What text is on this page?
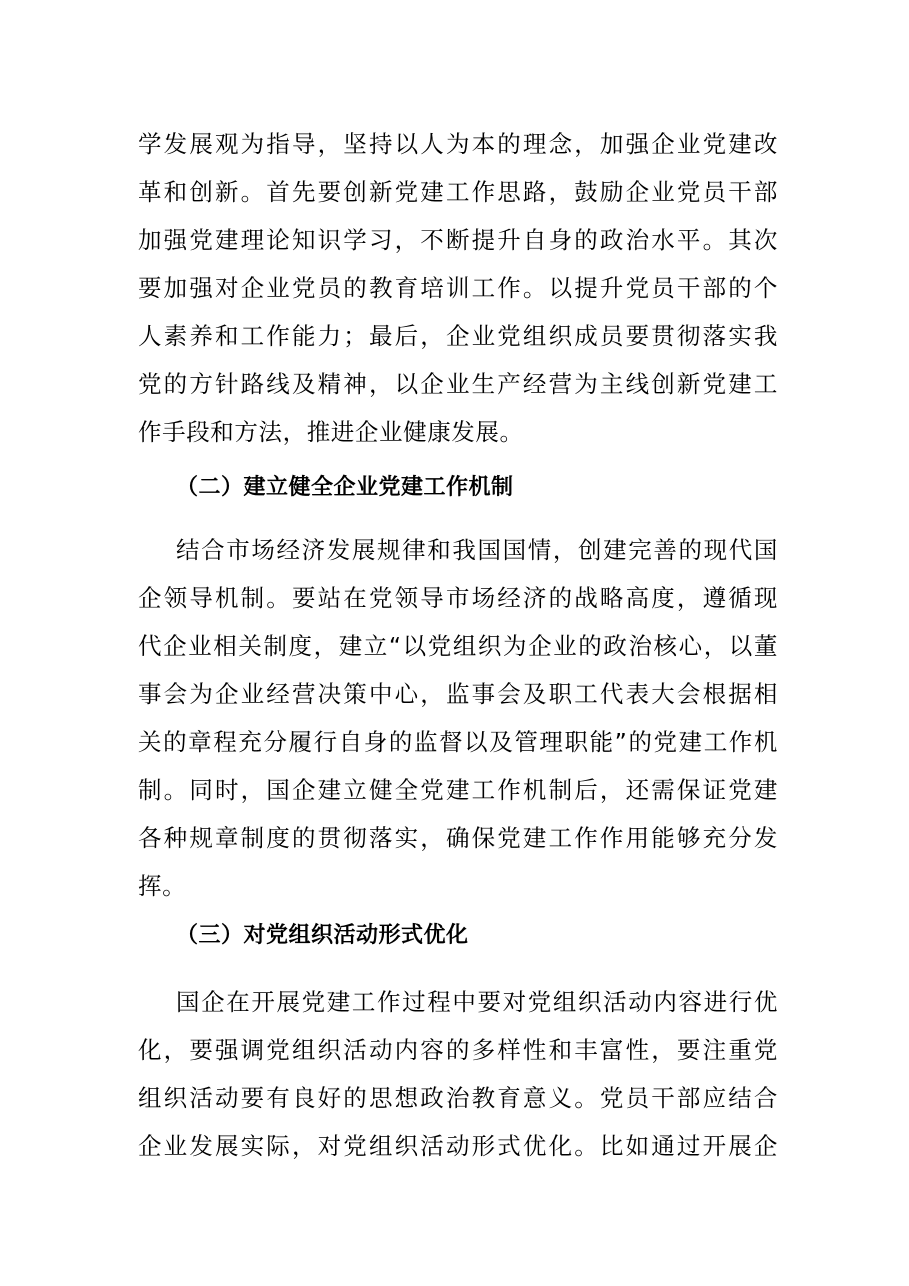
学发展观为指导，坚持以人为本的理念，加强企业党建改
革和创新。首先要创新党建工作思路，鼓励企业党员干部
加强党建理论知识学习，不断提升自身的政治水平。其次
要加强对企业党员的教育培训工作。以提升党员干部的个
人素养和工作能力；最后，企业党组织成员要贯彻落实我
党的方针路线及精神，以企业生产经营为主线创新党建工
作手段和方法，推进企业健康发展。
（二）建立健全企业党建工作机制
结合市场经济发展规律和我国国情，创建完善的现代国
企领导机制。要站在党领导市场经济的战略高度，遵循现
代企业相关制度，建立“以党组织为企业的政治核心，以董
事会为企业经营决策中心，监事会及职工代表大会根据相
关的章程充分履行自身的监督以及管理职能”的党建工作机
制。同时，国企建立健全党建工作机制后，还需保证党建
各种规章制度的贯彻落实，确保党建工作作用能够充分发
挥。
（三）对党组织活动形式优化
国企在开展党建工作过程中要对党组织活动内容进行优
化，要强调党组织活动内容的多样性和丰富性，要注重党
组织活动要有良好的思想政治教育意义。党员干部应结合
企业发展实际，对党组织活动形式优化。比如通过开展企
